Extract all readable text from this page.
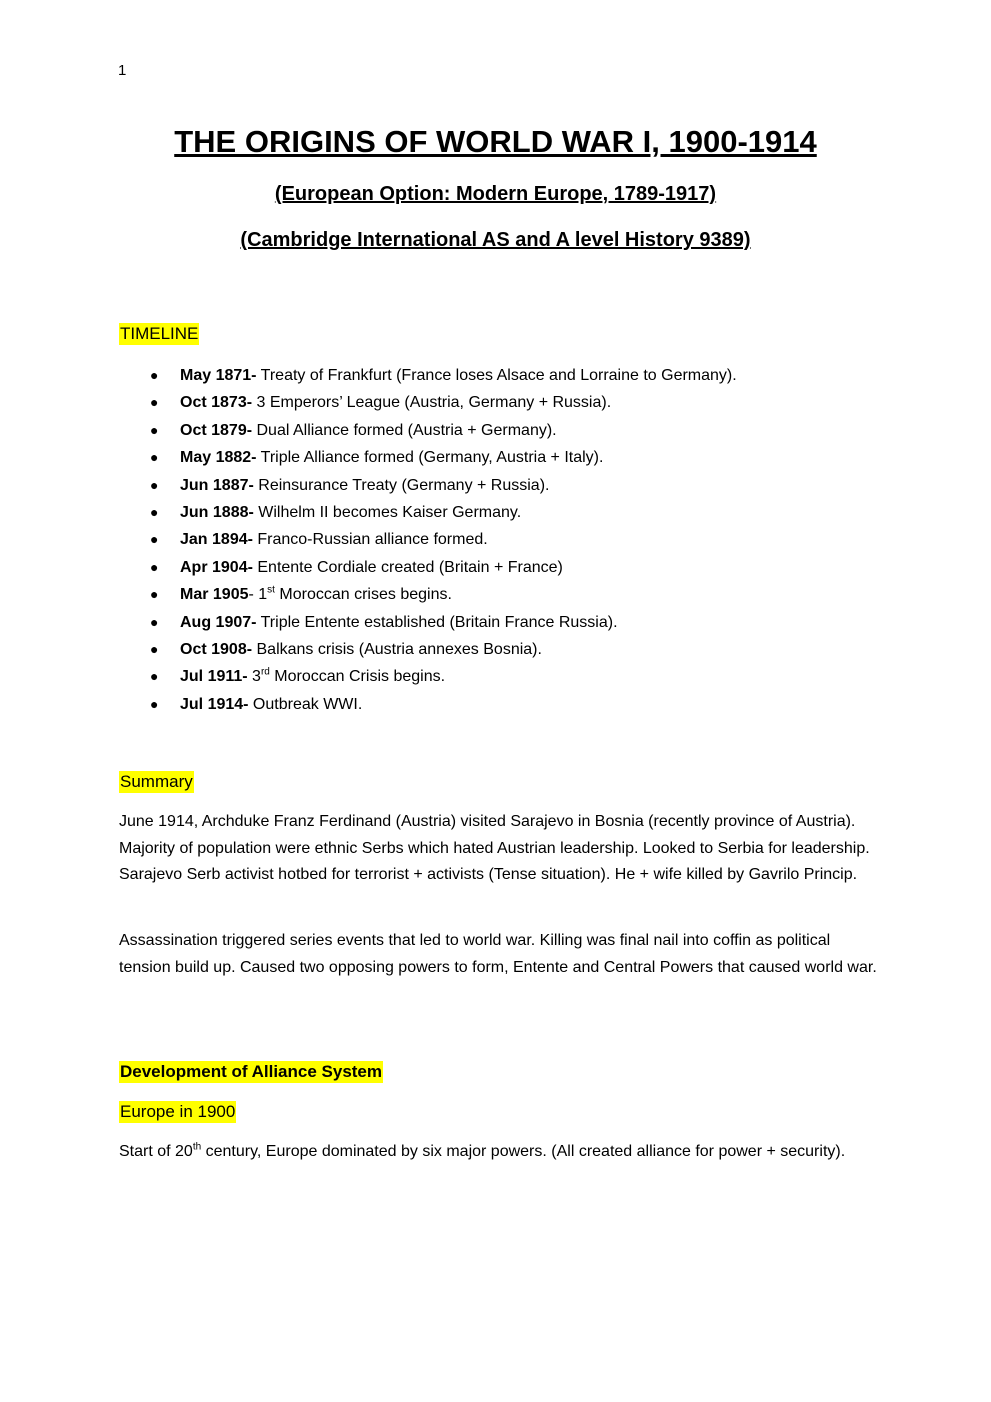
1
THE ORIGINS OF WORLD WAR I, 1900-1914
(European Option: Modern Europe, 1789-1917)
(Cambridge International AS and A level History 9389)
TIMELINE
● May 1871- Treaty of Frankfurt (France loses Alsace and Lorraine to Germany).
● Oct 1873- 3 Emperors’ League (Austria, Germany + Russia).
● Oct 1879- Dual Alliance formed (Austria + Germany).
● May 1882- Triple Alliance formed (Germany, Austria + Italy).
● Jun 1887- Reinsurance Treaty (Germany + Russia).
● Jun 1888- Wilhelm II becomes Kaiser Germany.
● Jan 1894- Franco-Russian alliance formed.
● Apr 1904- Entente Cordiale created (Britain + France)
● Mar 1905- 1st Moroccan crises begins.
● Aug 1907- Triple Entente established (Britain France Russia).
● Oct 1908- Balkans crisis (Austria annexes Bosnia).
● Jul 1911- 3rd Moroccan Crisis begins.
● Jul 1914- Outbreak WWI.
Summary

June 1914, Archduke Franz Ferdinand (Austria) visited Sarajevo in Bosnia (recently province of Austria). Majority of population were ethnic Serbs which hated Austrian leadership. Looked to Serbia for leadership. Sarajevo Serb activist hotbed for terrorist + activists (Tense situation). He + wife killed by Gavrilo Princip.

Assassination triggered series events that led to world war. Killing was final nail into coffin as political tension build up. Caused two opposing powers to form, Entente and Central Powers that caused world war.

Development of Alliance System
Europe in 1900

Start of 20th century, Europe dominated by six major powers. (All created alliance for power + security).
